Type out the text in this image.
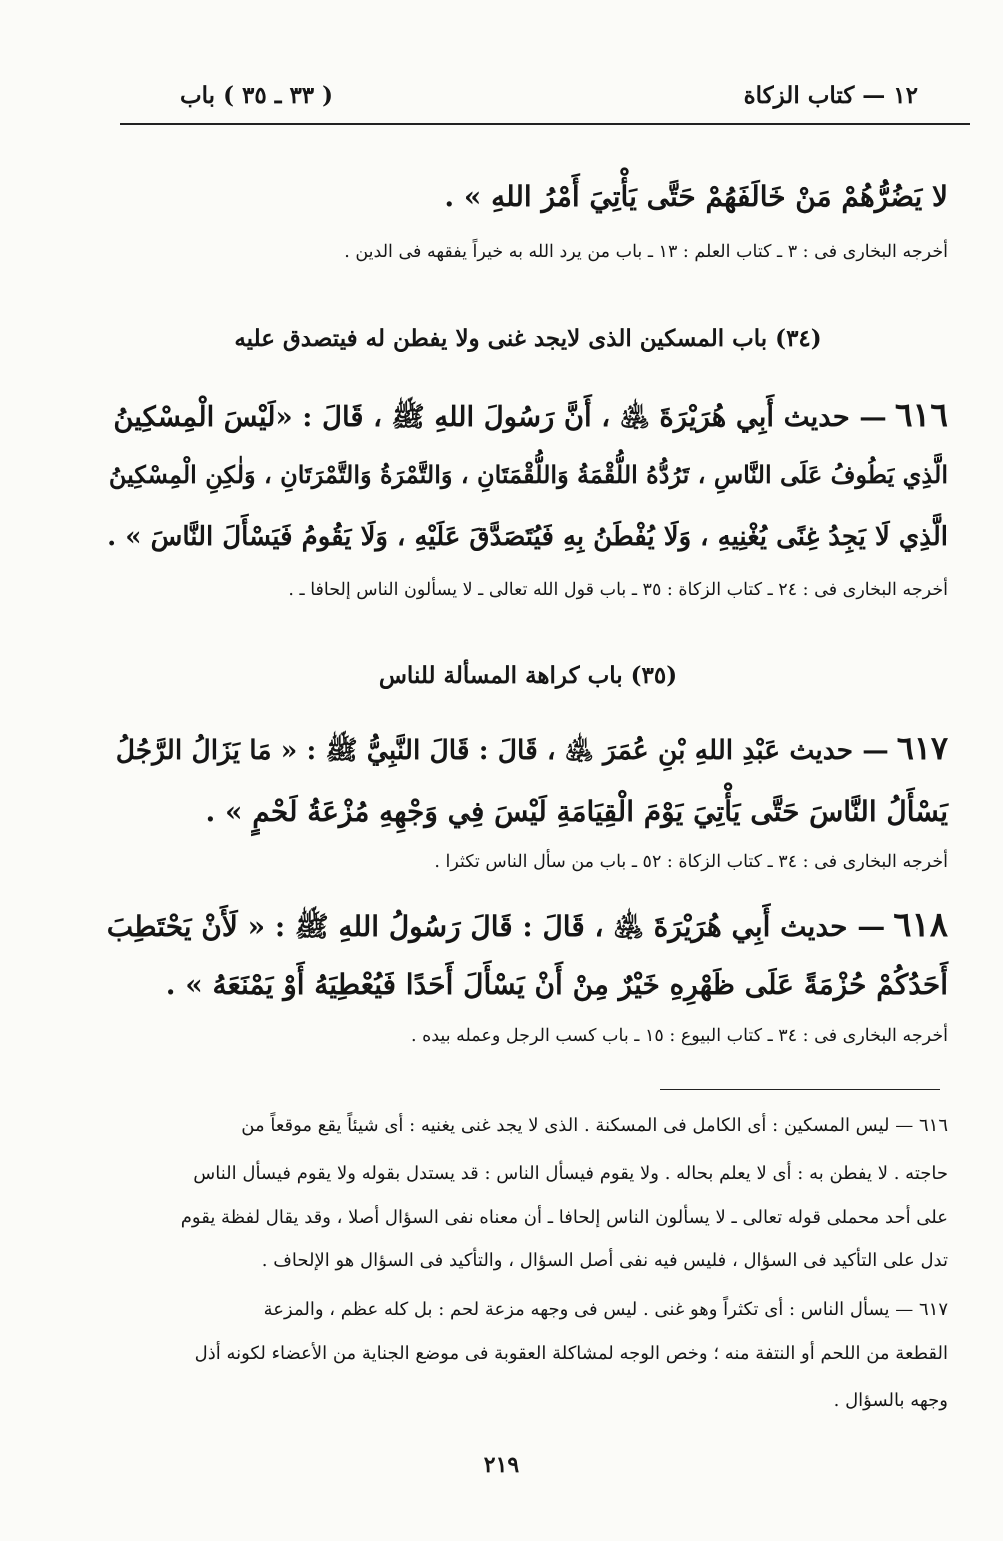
١٢ — كتاب الزكاة
( ٣٣ ـ ٣٥ ) باب
لا يَضُرُّهُمْ مَنْ خَالَفَهُمْ حَتَّى يَأْتِيَ أَمْرُ اللهِ » .
أخرجه البخارى فى : ٣ ـ كتاب العلم : ١٣ ـ باب من يرد الله به خيراً يفقهه فى الدين .
(٣٤) باب المسكين الذى لايجد غنى ولا يفطن له فيتصدق عليه
٦١٦— حديث أَبِي هُرَيْرَةَ ﵁ ، أَنَّ رَسُولَ اللهِ ﷺ ، قَالَ : «لَيْسَ الْمِسْكِينُ
الَّذِي يَطُوفُ عَلَى النَّاسِ ، تَرُدُّهُ اللُّقْمَةُ وَاللُّقْمَتَانِ ، وَالتَّمْرَةُ وَالتَّمْرَتَانِ ، وَلٰكِنِ الْمِسْكِينُ
الَّذِي لَا يَجِدُ غِنًى يُغْنِيهِ ، وَلَا يُفْطَنُ بِهِ فَيُتَصَدَّقَ عَلَيْهِ ، وَلَا يَقُومُ فَيَسْأَلَ النَّاسَ » .
أخرجه البخارى فى : ٢٤ ـ كتاب الزكاة : ٣٥ ـ باب قول الله تعالى ـ لا يسألون الناس إلحافا ـ .
(٣٥) باب كراهة المسألة للناس
٦١٧— حديث عَبْدِ اللهِ بْنِ عُمَرَ ﵁ ، قَالَ : قَالَ النَّبِيُّ ﷺ : « مَا يَزَالُ الرَّجُلُ
يَسْأَلُ النَّاسَ حَتَّى يَأْتِيَ يَوْمَ الْقِيَامَةِ لَيْسَ فِي وَجْهِهِ مُزْعَةُ لَحْمٍ » .
أخرجه البخارى فى : ٣٤ ـ كتاب الزكاة : ٥٢ ـ باب من سأل الناس تكثرا .
٦١٨— حديث أَبِي هُرَيْرَةَ ﵁ ، قَالَ : قَالَ رَسُولُ اللهِ ﷺ : « لَأَنْ يَحْتَطِبَ
أَحَدُكُمْ حُزْمَةً عَلَى ظَهْرِهِ خَيْرٌ مِنْ أَنْ يَسْأَلَ أَحَدًا فَيُعْطِيَهُ أَوْ يَمْنَعَهُ » .
أخرجه البخارى فى : ٣٤ ـ كتاب البيوع : ١٥ ـ باب كسب الرجل وعمله بيده .
٦١٦ — ليس المسكين : أى الكامل فى المسكنة . الذى لا يجد غنى يغنيه : أى شيئاً يقع موقعاً من
حاجته . لا يفطن به : أى لا يعلم بحاله . ولا يقوم فيسأل الناس : قد يستدل بقوله ولا يقوم فيسأل الناس
على أحد محملى قوله تعالى ـ لا يسألون الناس إلحافا ـ أن معناه نفى السؤال أصلا ، وقد يقال لفظة يقوم
تدل على التأكيد فى السؤال ، فليس فيه نفى أصل السؤال ، والتأكيد فى السؤال هو الإلحاف .
٦١٧ — يسأل الناس : أى تكثراً وهو غنى . ليس فى وجهه مزعة لحم : بل كله عظم ، والمزعة
القطعة من اللحم أو النتفة منه ؛ وخص الوجه لمشاكلة العقوبة فى موضع الجناية من الأعضاء لكونه أذل
وجهه بالسؤال .
٢١٩
